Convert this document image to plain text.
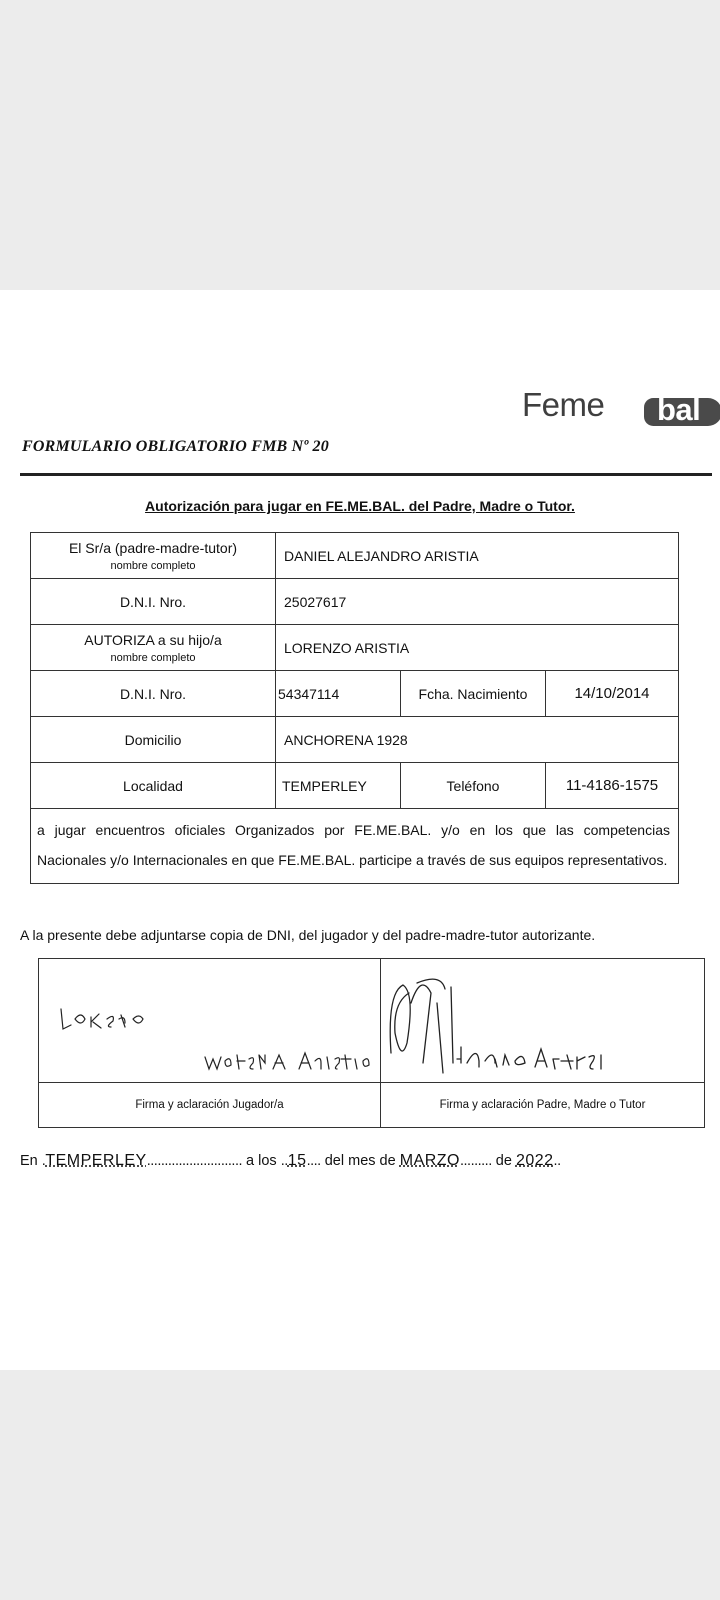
Feme bal
FORMULARIO OBLIGATORIO FMB Nº 20
Autorización para jugar en FE.ME.BAL. del Padre, Madre o Tutor.
El Sr/a (padre-madre-tutor)
nombre completo	DANIEL ALEJANDRO ARISTIA		
D.N.I. Nro.	25027617		

AUTORIZA a su hijo/a
nombre completo	LORENZO ARISTIA		
D.N.I. Nro.	54347114	Fcha. Nacimiento	14/10/2014
Domicilio	ANCHORENA 1928		
Localidad	TEMPERLEY	Teléfono	11-4186-1575
a jugar encuentros oficiales Organizados por FE.ME.BAL. y/o en los que las competencias Nacionales y/o Internacionales en que FE.ME.BAL. participe a través de sus equipos representativos.			
A la presente debe adjuntarse copia de DNI, del jugador y del padre-madre-tutor autorizante.

Firma y aclaración Jugador/a	Firma y aclaración Padre, Madre o Tutor
En .TEMPERLEY........................... a los ..15.... del mes de MARZO......... de 2022..
